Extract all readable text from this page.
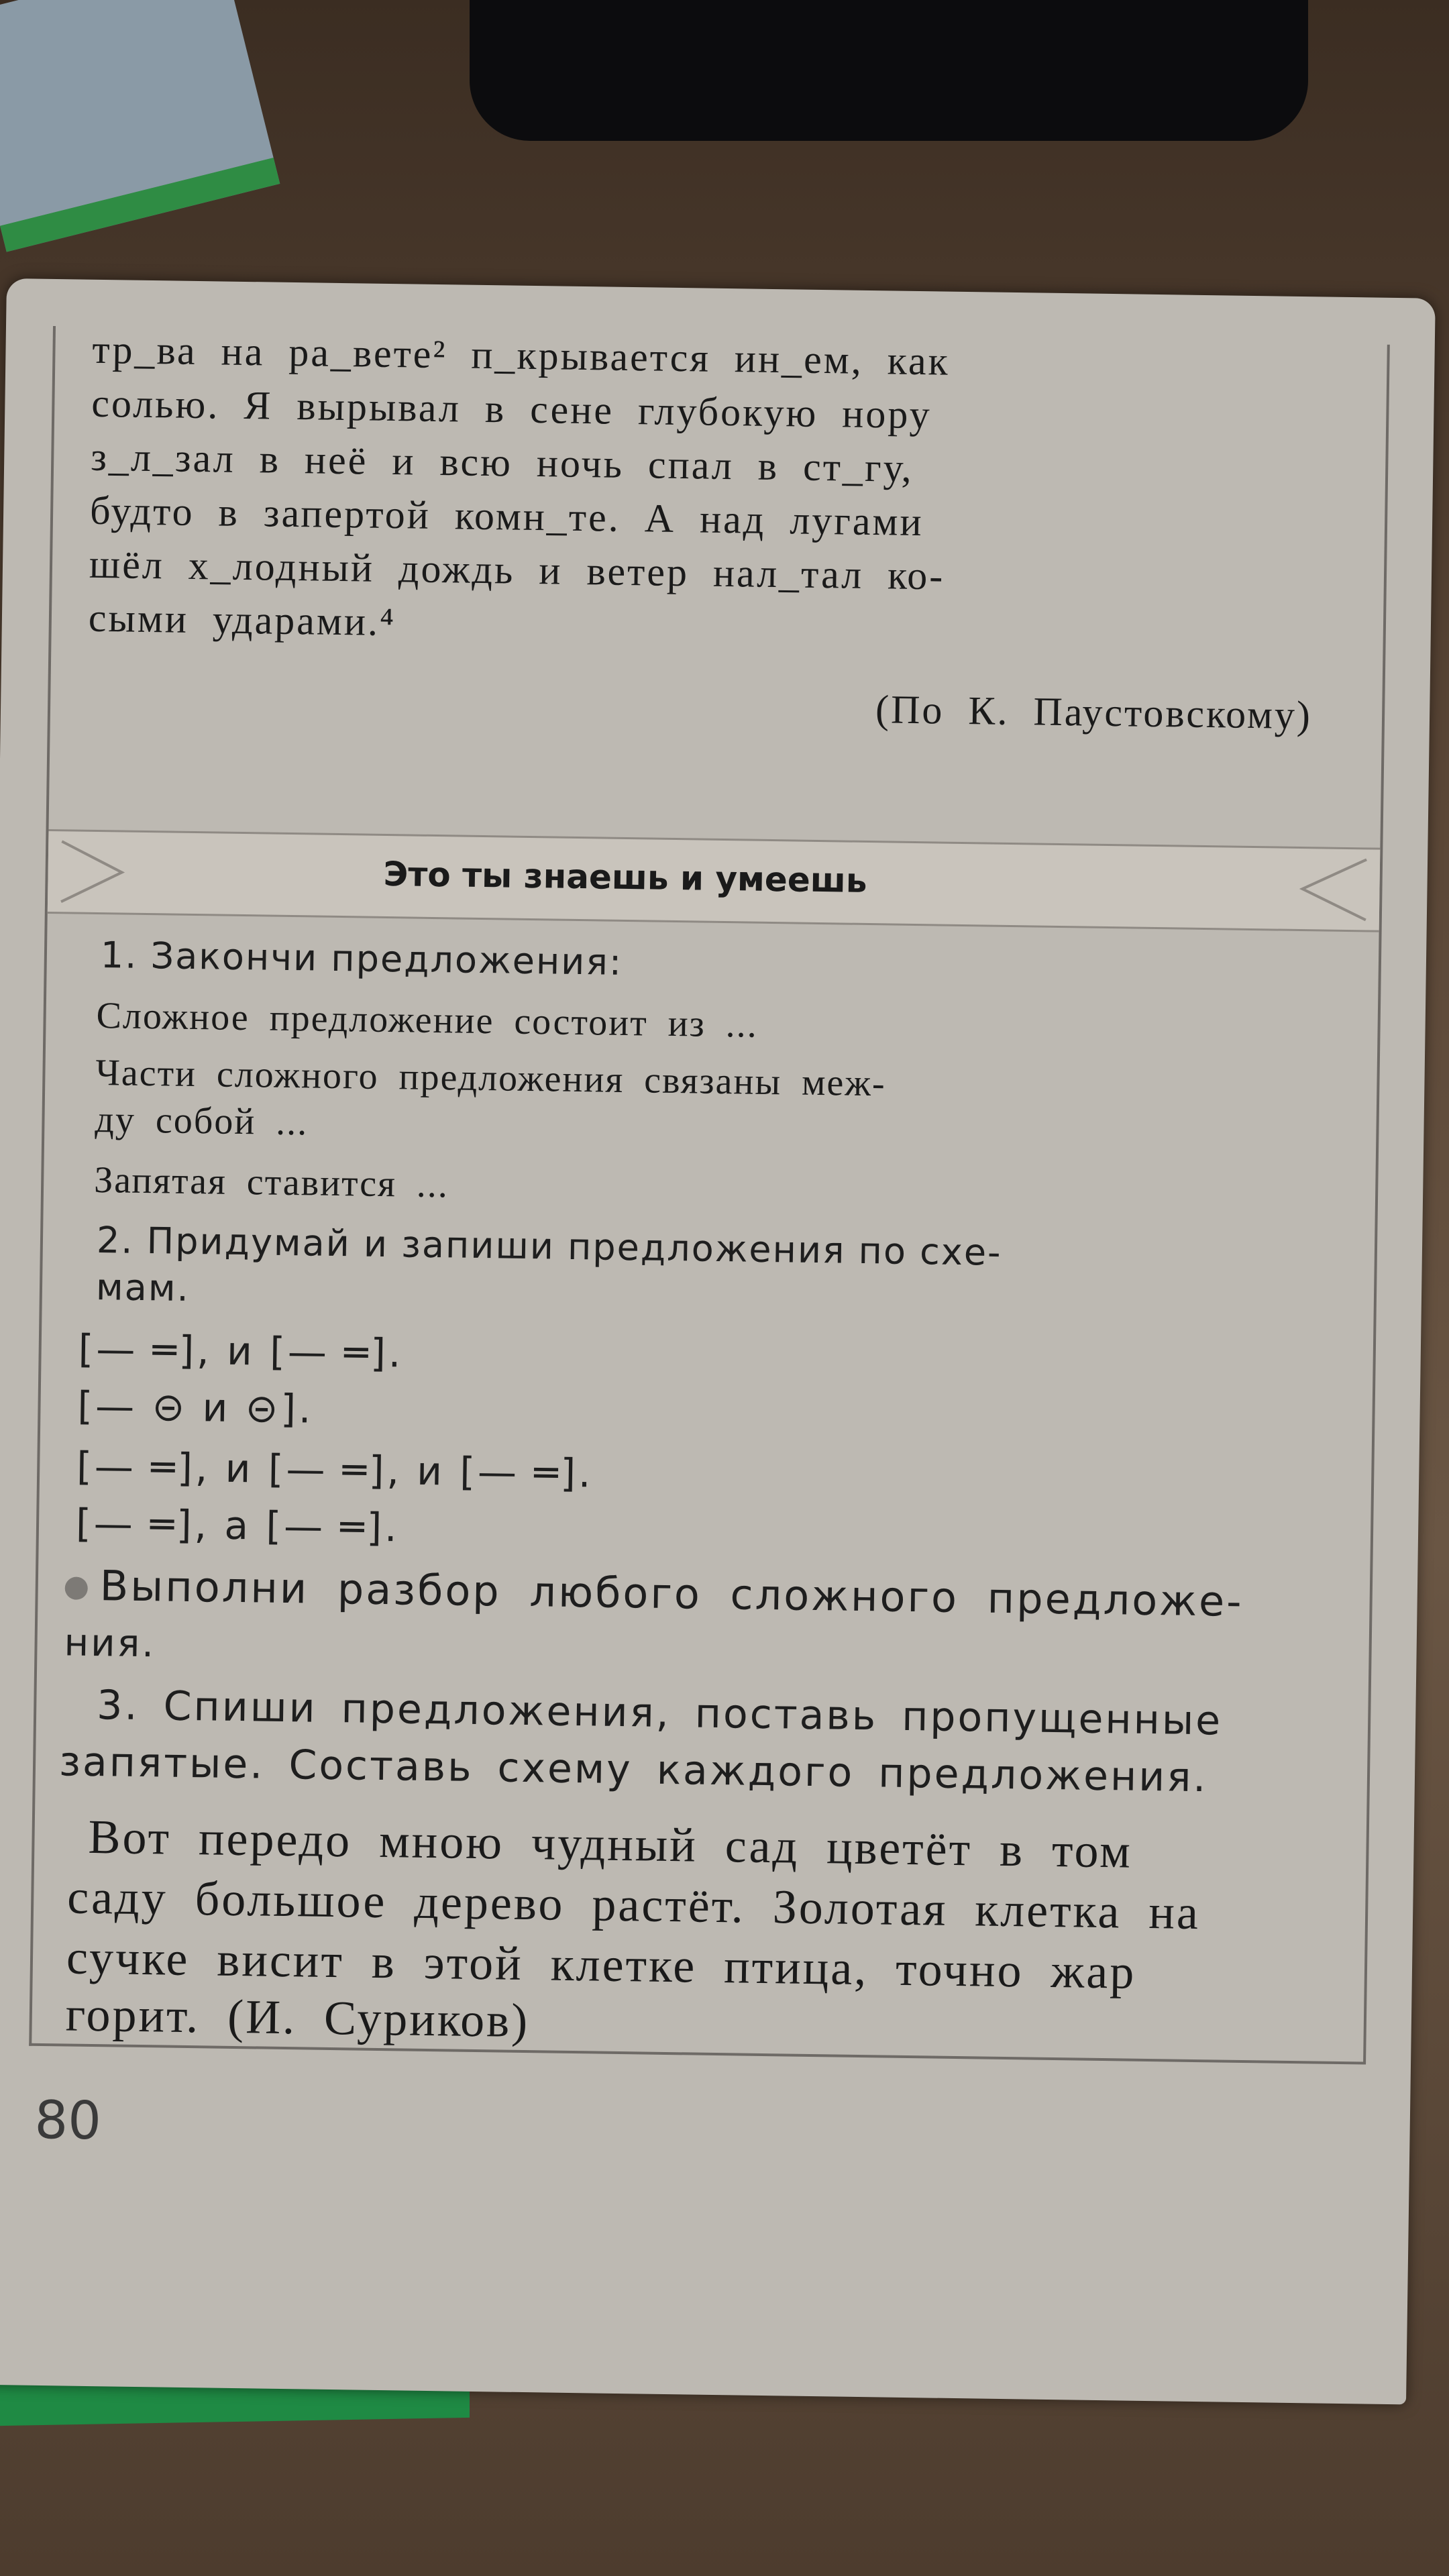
тр_ва на ра_вете² п_крывается ин_ем, как
солью. Я вырывал в сене глубокую нору
з_л_зал в неё и всю ночь спал в ст_гу,
будто в запертой комн_те. А над лугами
шёл х_лодный дождь и ветер нал_тал ко-
сыми ударами.⁴
(По К. Паустовскому)
Это ты знаешь и умеешь
1. Закончи предложения:
Сложное предложение состоит из ...
Части сложного предложения связаны меж-
ду собой ...
Запятая ставится ...
2. Придумай и запиши предложения по схе-
мам.
[— ═], и [— ═].
[— ⊝ и ⊝].
[— ═], и [— ═], и [— ═].
[— ═], а [— ═].
Выполни разбор любого сложного предложе-
ния.
3. Спиши предложения, поставь пропущенные
запятые. Составь схему каждого предложения.
Вот передо мною чудный сад цветёт в том
саду большое дерево растёт. Золотая клетка на
сучке висит в этой клетке птица, точно жар
горит. (И. Суриков)
80
